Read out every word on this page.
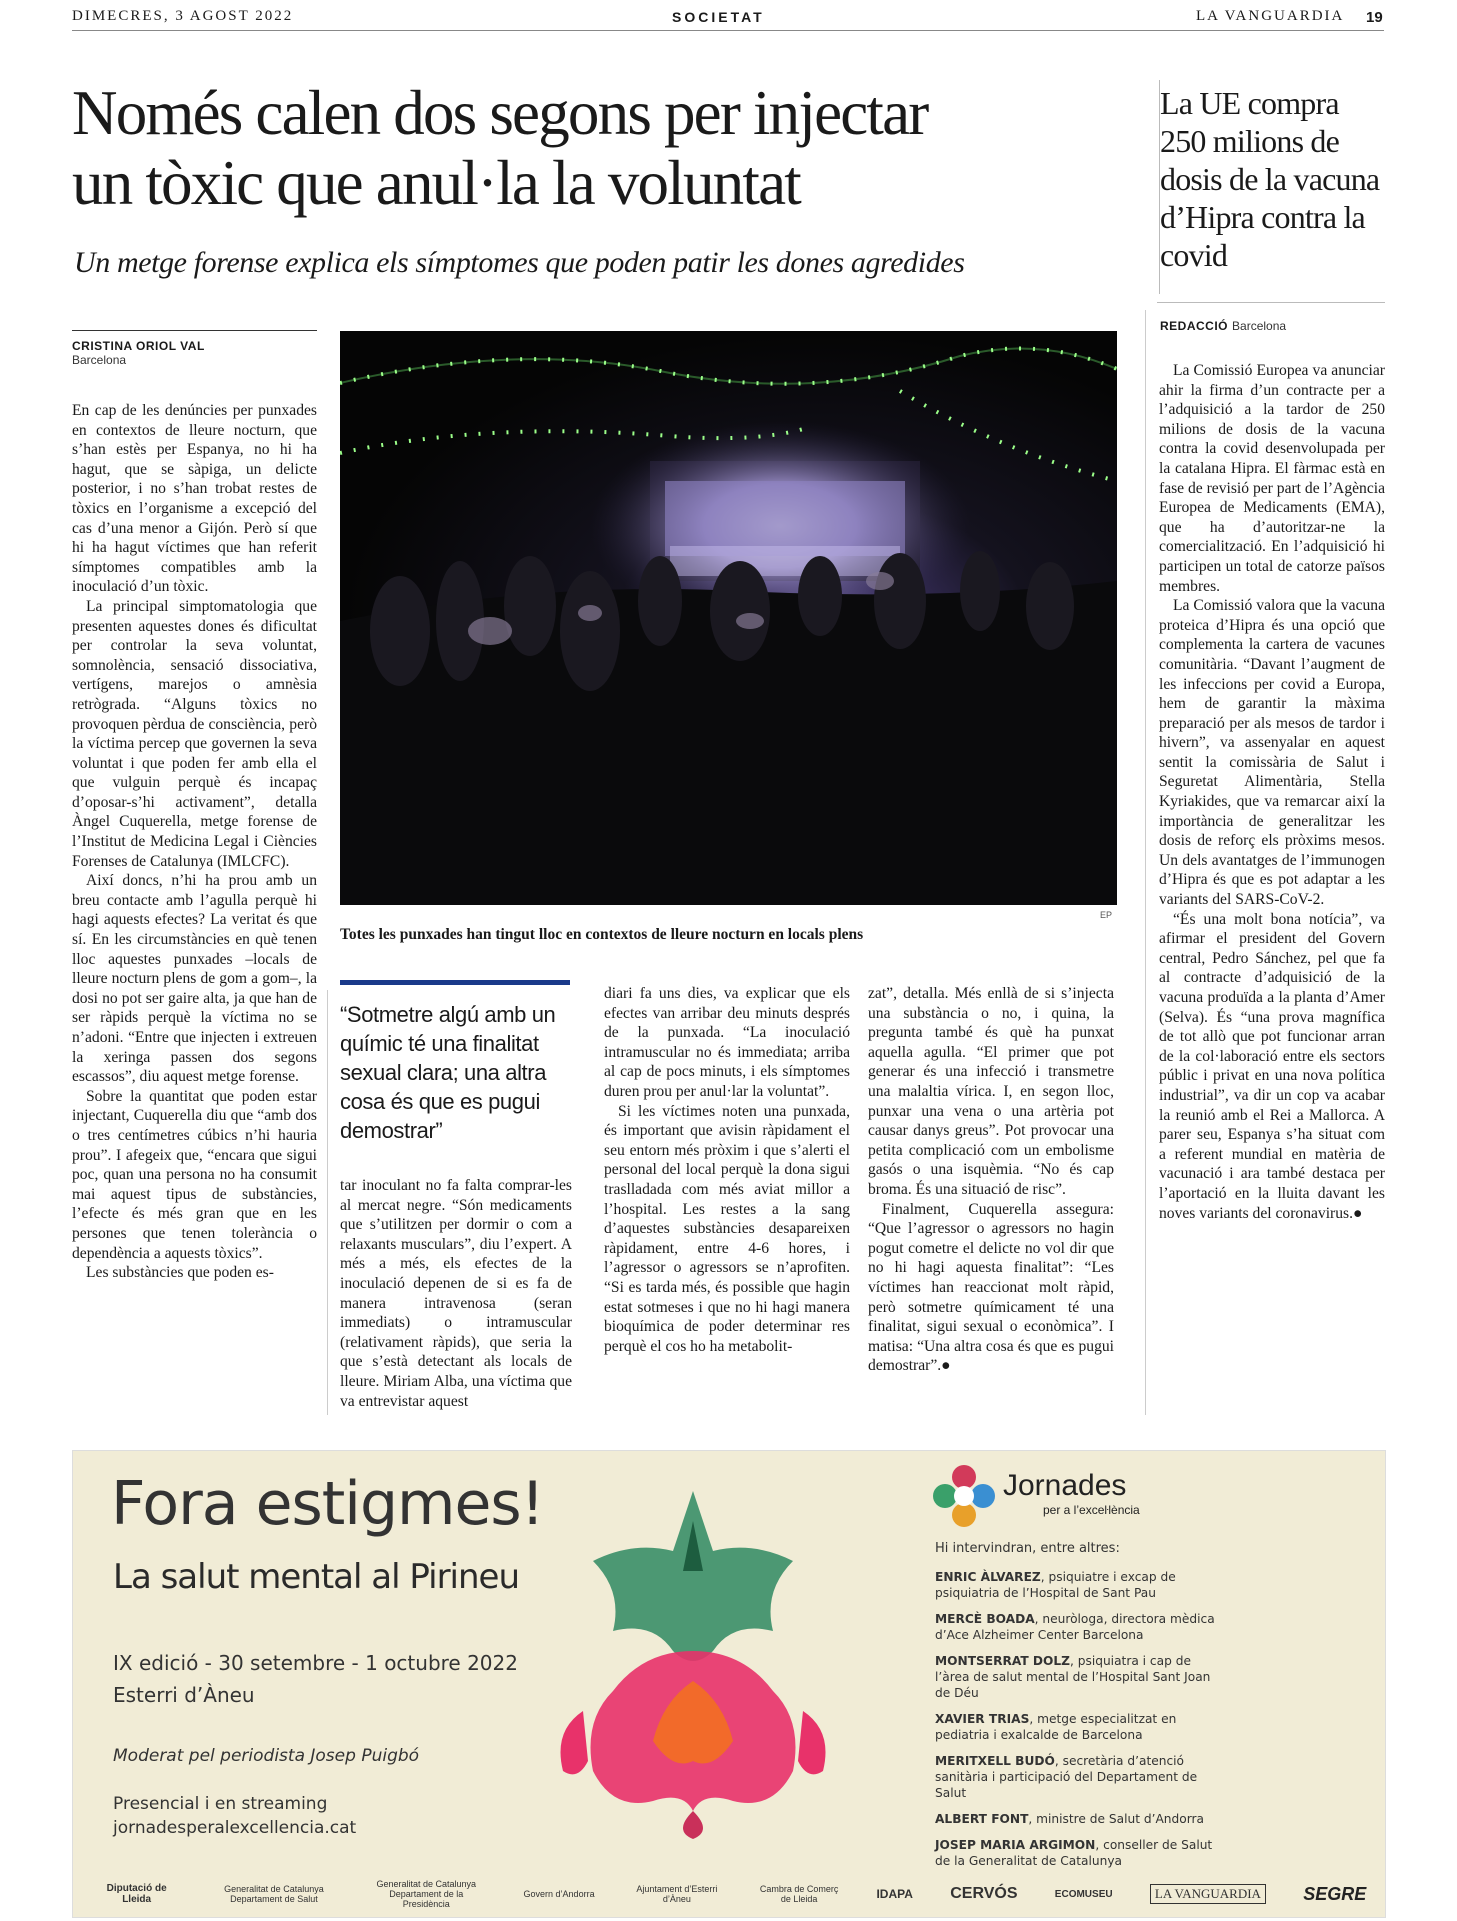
DIMECRES, 3 AGOST 2022	SOCIETAT	LA VANGUARDIA 19
Només calen dos segons per injectar
un tòxic que anul·la la voluntat
Un metge forense explica els símptomes que poden patir les dones agredides
La UE compra 250 milions de dosis de la vacuna d’Hipra contra la covid
REDACCIÓ Barcelona
CRISTINA ORIOL VAL
Barcelona

En cap de les denúncies per punxades en contextos de lleure nocturn, que s’han estès per Espanya, no hi ha hagut, que se sàpiga, un delicte posterior, i no s’han trobat restes de tòxics en l’organisme a excepció del cas d’una menor a Gijón. Però sí que hi ha hagut víctimes que han referit símptomes compatibles amb la inoculació d’un tòxic.

La principal simptomatologia que presenten aquestes dones és dificultat per controlar la seva voluntat, somnolència, sensació dissociativa, vertígens, marejos o amnèsia retrògrada. “Alguns tòxics no provoquen pèrdua de consciència, però la víctima percep que governen la seva voluntat i que poden fer amb ella el que vulguin perquè és incapaç d’oposar-s’hi activament”, detalla Àngel Cuquerella, metge forense de l’Institut de Medicina Legal i Ciències Forenses de Catalunya (IMLCFC).

Així doncs, n’hi ha prou amb un breu contacte amb l’agulla perquè hi hagi aquests efectes? La veritat és que sí. En les circumstàncies en què tenen lloc aquestes punxades –locals de lleure nocturn plens de gom a gom–, la dosi no pot ser gaire alta, ja que han de ser ràpids perquè la víctima no se n’adoni. “Entre que injecten i extreuen la xeringa passen dos segons escassos”, diu aquest metge forense.

Sobre la quantitat que poden estar injectant, Cuquerella diu que “amb dos o tres centímetres cúbics n’hi hauria prou”. I afegeix que, “encara que sigui poc, quan una persona no ha consumit mai aquest tipus de substàncies, l’efecte és més gran que en les persones que tenen tolerància o dependència a aquests tòxics”.

Les substàncies que poden es-

EP
Totes les punxades han tingut lloc en contextos de lleure nocturn en locals plens
“Sotmetre algú amb un químic té una finalitat sexual clara; una altra cosa és que es pugui demostrar”

tar inoculant no fa falta comprar-les al mercat negre. “Són medicaments que s’utilitzen per dormir o com a relaxants musculars”, diu l’expert. A més a més, els efectes de la inoculació depenen de si es fa de manera intravenosa (seran immediats) o intramuscular (relativament ràpids), que seria la que s’està detectant als locals de lleure. Miriam Alba, una víctima que va entrevistar aquest

diari fa uns dies, va explicar que els efectes van arribar deu minuts després de la punxada. “La inoculació intramuscular no és immediata; arriba al cap de pocs minuts, i els símptomes duren prou per anul·lar la voluntat”.

Si les víctimes noten una punxada, és important que avisin ràpidament el seu entorn més pròxim i que s’alerti el personal del local perquè la dona sigui traslladada com més aviat millor a l’hospital. Les restes a la sang d’aquestes substàncies desapareixen ràpidament, entre 4-6 hores, i l’agressor o agressors se n’aprofiten. “Si es tarda més, és possible que hagin estat sotmeses i que no hi hagi manera bioquímica de poder determinar res perquè el cos ho ha metabolit-

zat”, detalla. Més enllà de si s’injecta una substància o no, i quina, la pregunta també és què ha punxat aquella agulla. “El primer que pot generar és una infecció i transmetre una malaltia vírica. I, en segon lloc, punxar una vena o una artèria pot causar danys greus”. Pot provocar una petita complicació com un embolisme gasós o una isquèmia. “No és cap broma. És una situació de risc”.

Finalment, Cuquerella assegura: “Que l’agressor o agressors no hagin pogut cometre el delicte no vol dir que no hi hagi aquesta finalitat”: “Les víctimes han reaccionat molt ràpid, però sotmetre químicament té una finalitat, sigui sexual o econòmica”. I matisa: “Una altra cosa és que es pugui demostrar”.●

La Comissió Europea va anunciar ahir la firma d’un contracte per a l’adquisició a la tardor de 250 milions de dosis de la vacuna contra la covid desenvolupada per la catalana Hipra. El fàrmac està en fase de revisió per part de l’Agència Europea de Medicaments (EMA), que ha d’autoritzar-ne la comercialització. En l’adquisició hi participen un total de catorze països membres.

La Comissió valora que la vacuna proteica d’Hipra és una opció que complementa la cartera de vacunes comunitària. “Davant l’augment de les infeccions per covid a Europa, hem de garantir la màxima preparació per als mesos de tardor i hivern”, va assenyalar en aquest sentit la comissària de Salut i Seguretat Alimentària, Stella Kyriakides, que va remarcar així la importància de generalitzar les dosis de reforç els pròxims mesos. Un dels avantatges de l’immunogen d’Hipra és que es pot adaptar a les variants del SARS-CoV-2.

“És una molt bona notícia”, va afirmar el president del Govern central, Pedro Sánchez, pel que fa al contracte d’adquisició de la vacuna produïda a la planta d’Amer (Selva). És “una prova magnífica de tot allò que pot funcionar arran de la col·laboració entre els sectors públic i privat en una nova política industrial”, va dir un cop va acabar la reunió amb el Rei a Mallorca. A parer seu, Espanya s’ha situat com a referent mundial en matèria de vacunació i ara també destaca per l’aportació en la lluita davant les noves variants del coronavirus.●

Fora estigmes!
La salut mental al Pirineu
IX edició - 30 setembre - 1 octubre 2022
Esterri d’Àneu
Moderat pel periodista Josep Puigbó
Presencial i en streaming
jornadesperalexcellencia.cat
Jornades
per a l’exceŀlència
Hi intervindran, entre altres:
ENRIC ÀLVAREZ, psiquiatre i excap de psiquiatria de l’Hospital de Sant Pau
MERCÈ BOADA, neuròloga, directora mèdica d’Ace Alzheimer Center Barcelona
MONTSERRAT DOLZ, psiquiatra i cap de l’àrea de salut mental de l’Hospital Sant Joan de Déu
XAVIER TRIAS, metge especialitzat en pediatria i exalcalde de Barcelona
MERITXELL BUDÓ, secretària d’atenció sanitària i participació del Departament de Salut
ALBERT FONT, ministre de Salut d’Andorra
JOSEP MARIA ARGIMON, conseller de Salut de la Generalitat de Catalunya
Diputació de Lleida
Generalitat de Catalunya Departament de Salut
Generalitat de Catalunya Departament de la Presidència
Govern d’Andorra	Ajuntament d’Esterri d’Àneu
Cambra de Comerç de Lleida	IDAPA CERVÓS	ECOMUSEU	LA VANGUARDIA SEGRE
